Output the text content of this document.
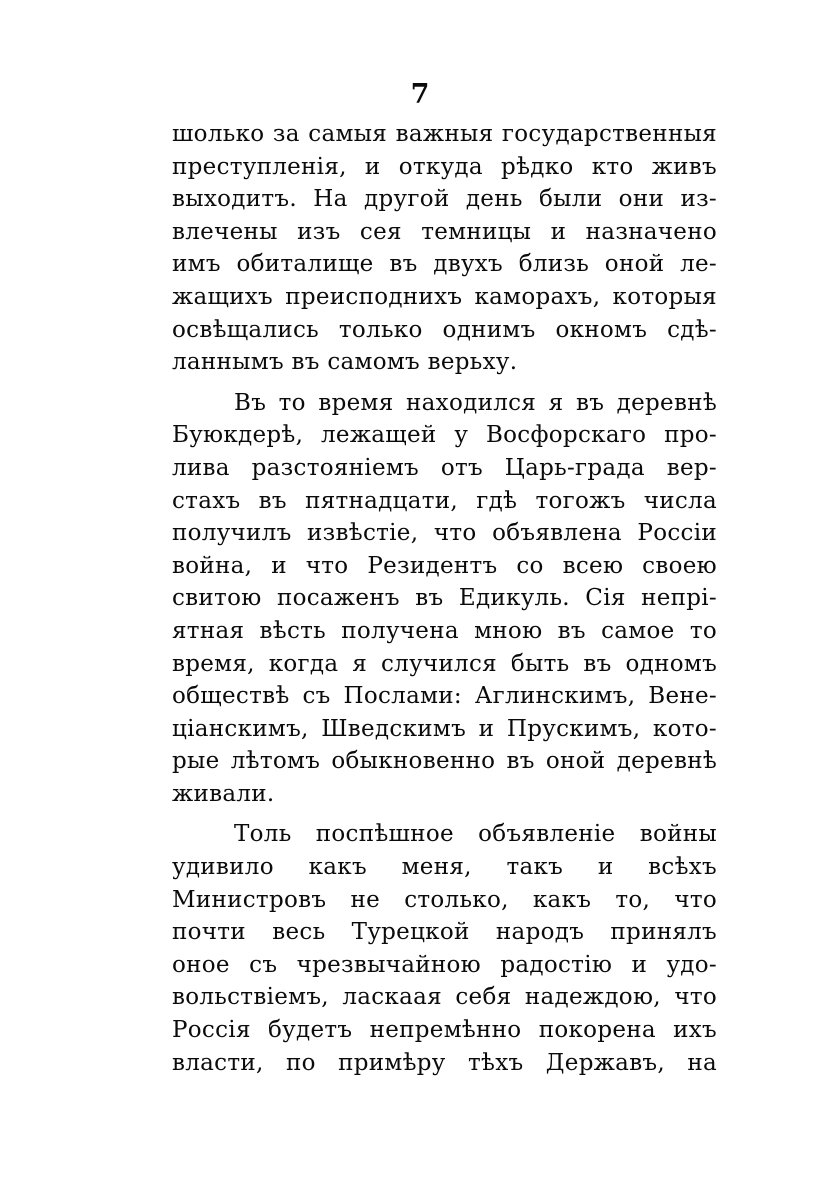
7
шолько за самыя важныя государственныя
преступленія, и откуда рѣдко кто живъ
выходитъ. На другой день были они из-
влечены изъ сея темницы и назначено
имъ обиталище въ двухъ близь оной ле-
жащихъ преисподнихъ каморахъ, которыя
освѣщались только однимъ окномъ сдѣ-
ланнымъ въ самомъ верьху.
Въ то время находился я въ деревнѣ
Буюкдерѣ, лежащей у Восфорскаго про-
лива разстояніемъ отъ Царь-града вер-
стахъ въ пятнадцати, гдѣ тогожъ числа
получилъ извѣстіе, что объявлена Россіи
война, и что Резидентъ со всею своею
свитою посаженъ въ Едикуль. Сія непрі-
ятная вѣсть получена мною въ самое то
время, когда я случился быть въ одномъ
обществѣ съ Послами: Аглинскимъ, Вене-
ціанскимъ, Шведскимъ и Прускимъ, кото-
рые лѣтомъ обыкновенно въ оной деревнѣ
живали.
Толь поспѣшное объявленіе войны
удивило какъ меня, такъ и всѣхъ
Министровъ не столько, какъ то, что
почти весь Турецкой народъ принялъ
оное съ чрезвычайною радостію и удо-
вольствіемъ, ласкаая себя надеждою, что
Россія будетъ непремѣнно покорена ихъ
власти, по примѣру тѣхъ Державъ, на
